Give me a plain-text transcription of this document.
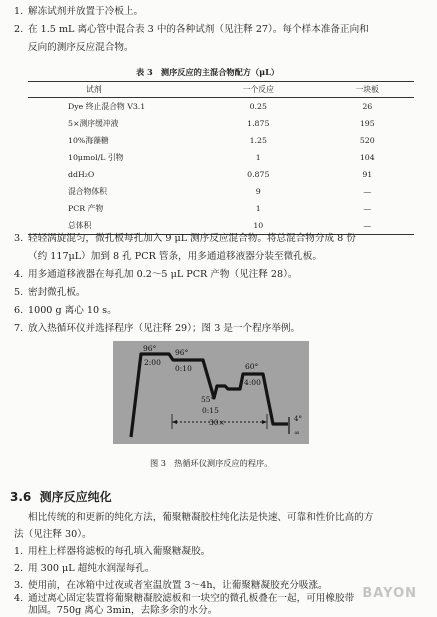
1. 解冻试剂并放置于冷板上。
2. 在 1.5 mL 离心管中混合表 3 中的各种试剂（见注释 27）。每个样本准备正向和
反向的测序反应混合物。
表 3　测序反应的主混合物配方（μL）
试剂	一个反应	一块板
Dye 终止混合物 V3.1	0.25	26
5×测序缓冲液	1.875	195
10%海藻糖	1.25	520
10μmol/L 引物	1	104
ddH₂O	0.875	91
混合物体积	9	—
PCR 产物	1	—
总体积	10	—
3. 轻轻涡旋混匀，微孔板每孔加入 9 μL 测序反应混合物。将总混合物分成 8 份
（约 117μL）加到 8 孔 PCR 管条，用多通道移液器分装至微孔板。
4. 用多通道移液器在每孔加 0.2～5 μL PCR 产物（见注释 28）。
5. 密封微孔板。
6. 1000 g 离心 10 s。
7. 放入热循环仪并选择程序（见注释 29）；图 3 是一个程序举例。
96°
2:00
96°
0:10
55°
0:15
60°
4:00
30×	4°
∞
图 3　热循环仪测序反应的程序。
3.6 测序反应纯化
相比传统的和更新的纯化方法，葡聚糖凝胶柱纯化法是快速、可靠和性价比高的方
法（见注释 30）。
1. 用柱上样器将滤板的每孔填入葡聚糖凝胶。
2. 用 300 μL 超纯水润湿每孔。
3. 使用前，在冰箱中过夜或者室温放置 3～4h，让葡聚糖凝胶充分吸涨。
4. 通过离心固定装置将葡聚糖凝胶滤板和一块空的微孔板叠在一起，可用橡胶带
加固。750g 离心 3min，去除多余的水分。
BAYON
